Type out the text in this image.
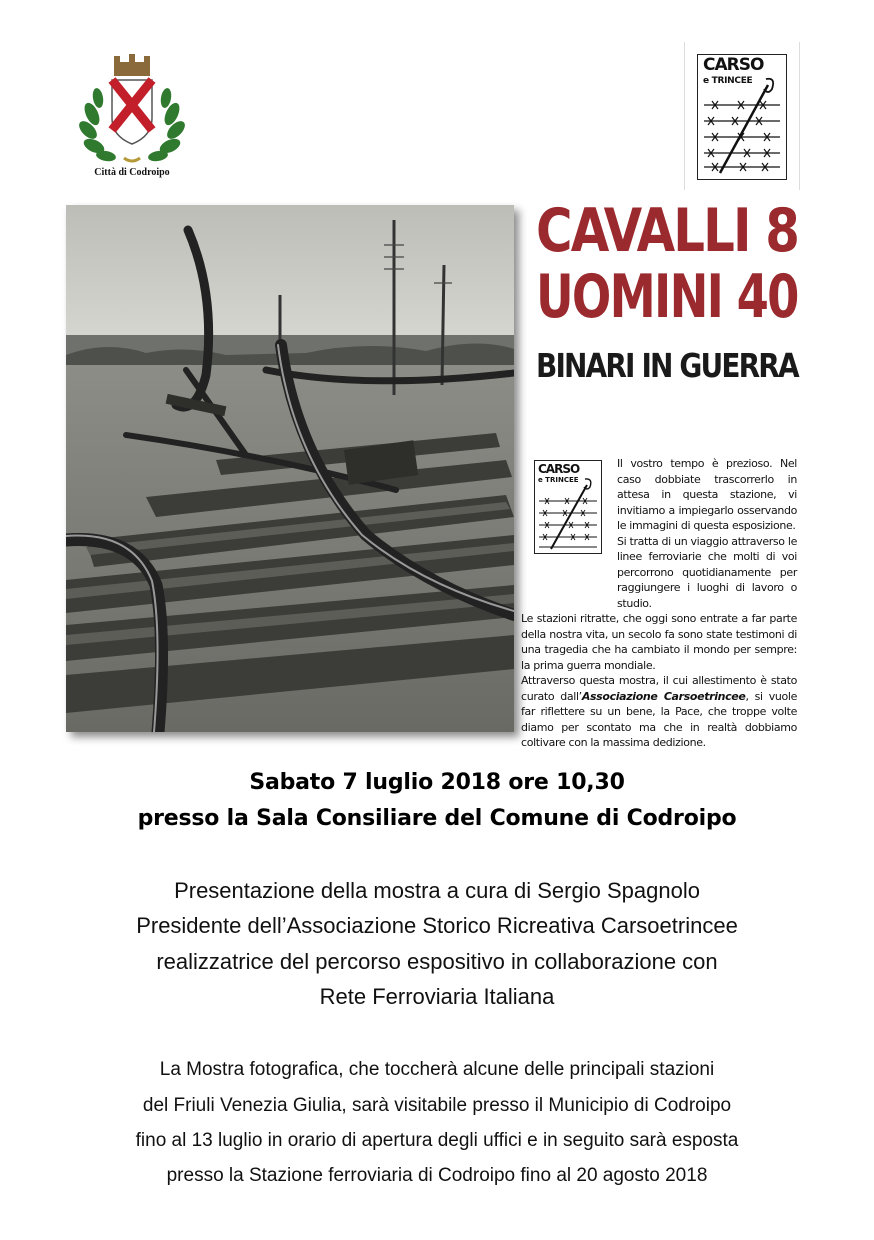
Città di Codroipo
CARSO
e TRINCEE
CAVALLI 8
UOMINI 40
BINARI IN GUERRA
CARSO
e TRINCEE

Il vostro tempo è prezioso. Nel caso dobbiate trascorrerlo in attesa in questa stazione, vi invitiamo a impiegarlo osservando le immagini di questa esposizione.

Si tratta di un viaggio attraverso le linee ferroviarie che molti di voi percorrono quotidianamente per raggiungere i luoghi di lavoro o studio.

Le stazioni ritratte, che oggi sono entrate a far parte della nostra vita, un secolo fa sono state testimoni di una tragedia che ha cambiato il mondo per sempre: la prima guerra mondiale.

Attraverso questa mostra, il cui allestimento è stato curato dall’Associazione Carsoetrincee, si vuole far riflettere su un bene, la Pace, che troppe volte diamo per scontato ma che in realtà dobbiamo coltivare con la massima dedizione.

Sabato 7 luglio 2018 ore 10,30
presso la Sala Consiliare del Comune di Codroipo
Presentazione della mostra a cura di Sergio Spagnolo
Presidente dell’Associazione Storico Ricreativa Carsoetrincee
realizzatrice del percorso espositivo in collaborazione con
Rete Ferroviaria Italiana
La Mostra fotografica, che toccherà alcune delle principali stazioni
del Friuli Venezia Giulia, sarà visitabile presso il Municipio di Codroipo
fino al 13 luglio in orario di apertura degli uffici e in seguito sarà esposta
presso la Stazione ferroviaria di Codroipo fino al 20 agosto 2018
